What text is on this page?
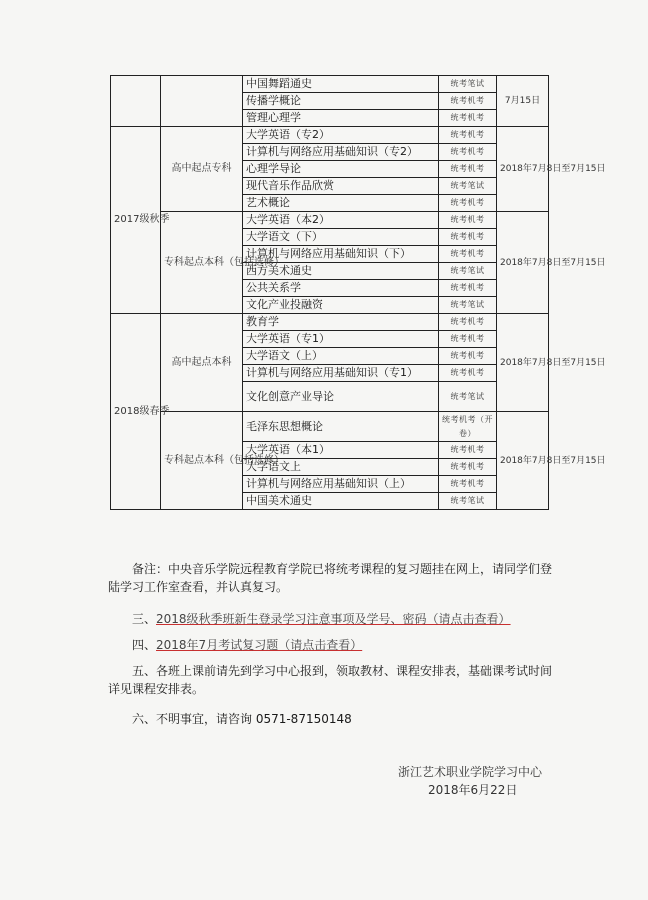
		中国舞蹈通史	统考笔试	7月15日
		传播学概论	统考机考	
		管理心理学	统考机考	
2017级秋季	高中起点专科	大学英语（专2）	统考机考	2018年7月8日至7月15日
		计算机与网络应用基础知识（专2）	统考机考	
		心理学导论	统考机考	
		现代音乐作品欣赏	统考笔试	
		艺术概论	统考机考	
	专科起点本科（包括选修）	大学英语（本2）	统考机考	2018年7月8日至7月15日
		大学语文（下）	统考机考	
		计算机与网络应用基础知识（下）	统考机考	
		西方美术通史	统考笔试	
		公共关系学	统考机考	
		文化产业投融资	统考笔试	
2018级春季	高中起点本科	教育学	统考机考	2018年7月8日至7月15日
		大学英语（专1）	统考机考	
		大学语文（上）	统考机考	
		计算机与网络应用基础知识（专1）	统考机考	
		文化创意产业导论	统考笔试	
	专科起点本科（包括选修）	毛泽东思想概论	统考机考（开卷）	2018年7月8日至7月15日
		大学英语（本1）	统考机考	
		大学语文上	统考机考	
		计算机与网络应用基础知识（上）	统考机考	
		中国美术通史	统考笔试	
备注：中央音乐学院远程教育学院已将统考课程的复习题挂在网上，请同学们登陆学习工作室查看，并认真复习。
三、2018级秋季班新生登录学习注意事项及学号、密码（请点击查看）
四、2018年7月考试复习题（请点击查看）
五、各班上课前请先到学习中心报到，领取教材、课程安排表，基础课考试时间详见课程安排表。
六、不明事宜，请咨询 0571-87150148
浙江艺术职业学院学习中心
2018年6月22日
